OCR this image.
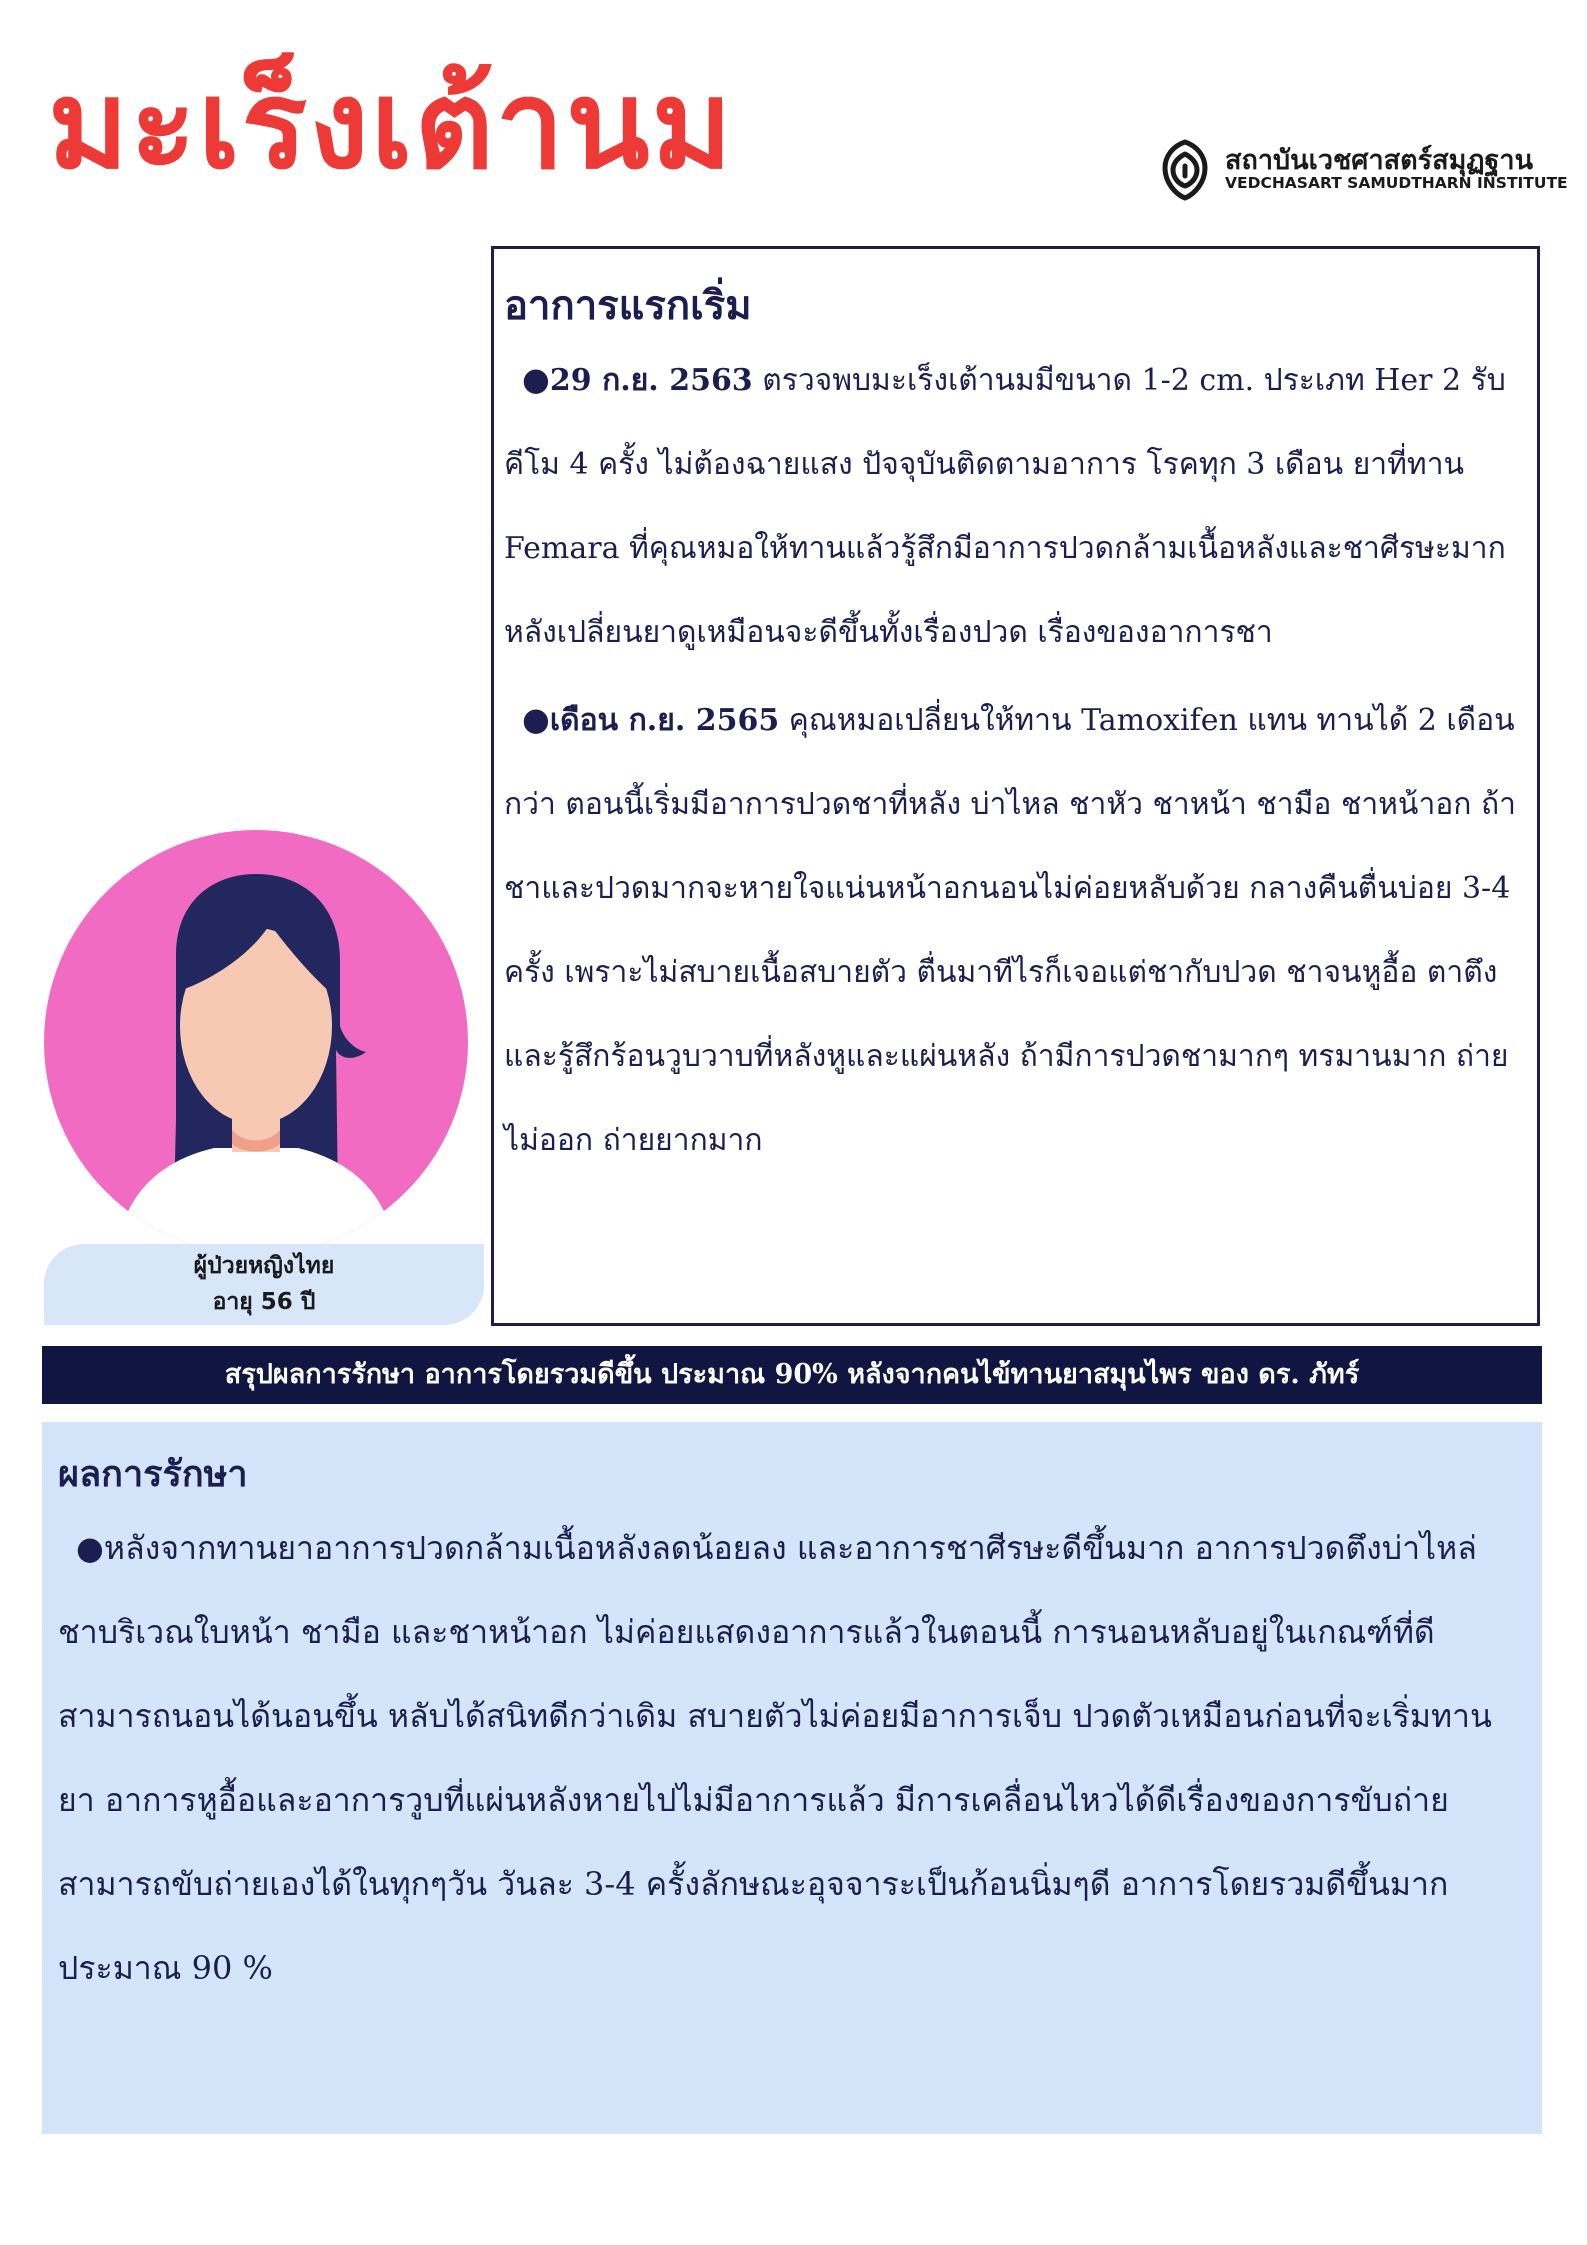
มะเร็งเต้านม	สถาบันเวชศาสตร์สมุฏฐาน
VEDCHASART SAMUDTHARN INSTITUTE
อาการแรกเริ่ม

●29 ก.ย. 2563 ตรวจพบมะเร็งเต้านมมีขนาด 1-2 cm. ประเภท Her 2 รับคีโม 4 ครั้ง ไม่ต้องฉายแสง ปัจจุบันติดตามอาการ โรคทุก 3 เดือน ยาที่ทาน Femara ที่คุณหมอให้ทานแล้วรู้สึกมีอาการปวดกล้ามเนื้อหลังและชาศีรษะมาก หลังเปลี่ยนยาดูเหมือนจะดีขึ้นทั้งเรื่องปวด เรื่องของอาการชา

●เดือน ก.ย. 2565 คุณหมอเปลี่ยนให้ทาน Tamoxifen แทน ทานได้ 2 เดือนกว่า ตอนนี้เริ่มมีอาการปวดชาที่หลัง บ่าไหล ชาหัว ชาหน้า ชามือ ชาหน้าอก ถ้าชาและปวดมากจะหายใจแน่นหน้าอกนอนไม่ค่อยหลับด้วย กลางคืนตื่นบ่อย 3-4 ครั้ง เพราะไม่สบายเนื้อสบายตัว ตื่นมาทีไรก็เจอแต่ชากับปวด ชาจนหูอื้อ ตาตึง และรู้สึกร้อนวูบวาบที่หลังหูและแผ่นหลัง ถ้ามีการปวดชามากๆ ทรมานมาก ถ่ายไม่ออก ถ่ายยากมาก

ผู้ป่วยหญิงไทย
อายุ 56 ปี
สรุปผลการรักษา อาการโดยรวมดีขึ้น ประมาณ 90% หลังจากคนไข้ทานยาสมุนไพร ของ ดร. ภัทร์
ผลการรักษา

●หลังจากทานยาอาการปวดกล้ามเนื้อหลังลดน้อยลง และอาการชาศีรษะดีขึ้นมาก อาการปวดตึงบ่าไหล่ ชาบริเวณใบหน้า ชามือ และชาหน้าอก ไม่ค่อยแสดงอาการแล้วในตอนนี้ การนอนหลับอยู่ในเกณฑ์ที่ดี สามารถนอนได้นอนขึ้น หลับได้สนิทดีกว่าเดิม สบายตัวไม่ค่อยมีอาการเจ็บ ปวดตัวเหมือนก่อนที่จะเริ่มทานยา อาการหูอื้อและอาการวูบที่แผ่นหลังหายไปไม่มีอาการแล้ว มีการเคลื่อนไหวได้ดีเรื่องของการขับถ่าย สามารถขับถ่ายเองได้ในทุกๆวัน วันละ 3-4 ครั้งลักษณะอุจจาระเป็นก้อนนิ่มๆดี อาการโดยรวมดีขึ้นมากประมาณ 90 %
